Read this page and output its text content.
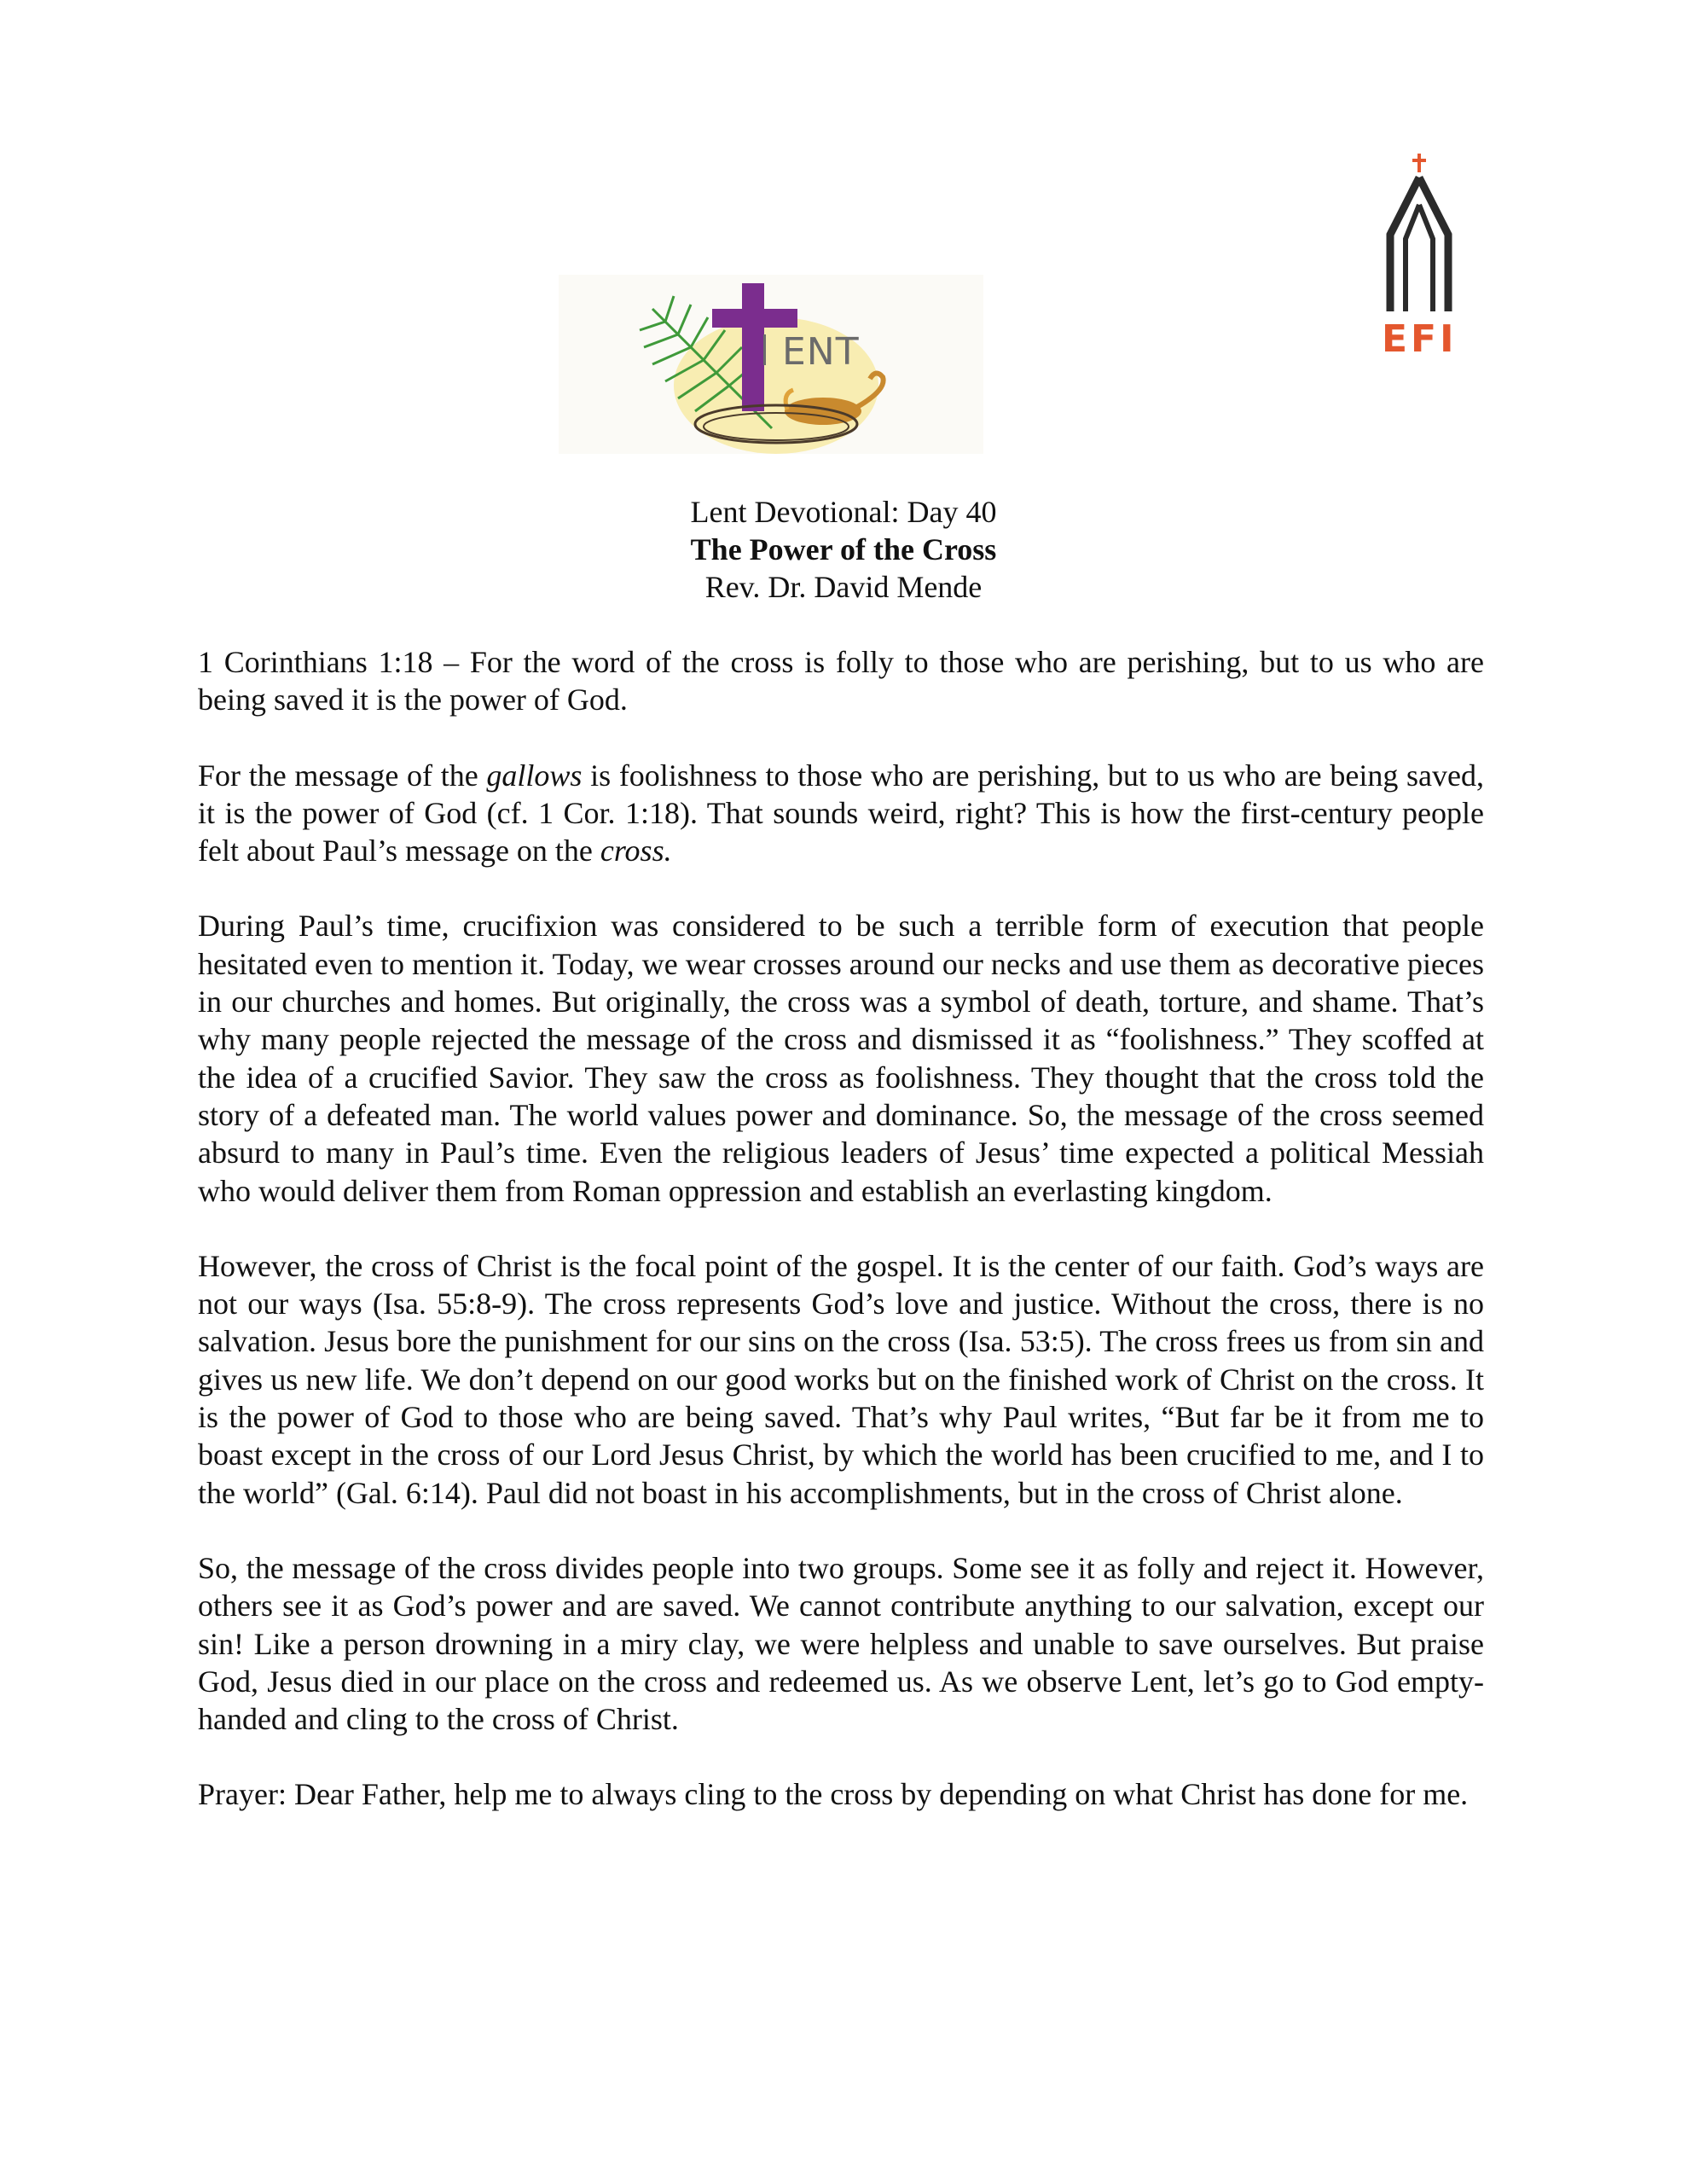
ENT	EFI
Lent Devotional: Day 40
The Power of the Cross
Rev. Dr. David Mende

1 Corinthians 1:18 – For the word of the cross is folly to those who are perishing, but to us who are being saved it is the power of God.

For the message of the gallows is foolishness to those who are perishing, but to us who are being saved, it is the power of God (cf. 1 Cor. 1:18). That sounds weird, right? This is how the first-century people felt about Paul’s message on the cross.

During Paul’s time, crucifixion was considered to be such a terrible form of execution that people hesitated even to mention it. Today, we wear crosses around our necks and use them as decorative pieces in our churches and homes. But originally, the cross was a symbol of death, torture, and shame. That’s why many people rejected the message of the cross and dismissed it as “foolishness.” They scoffed at the idea of a crucified Savior. They saw the cross as foolishness. They thought that the cross told the story of a defeated man. The world values power and dominance. So, the message of the cross seemed absurd to many in Paul’s time. Even the religious leaders of Jesus’ time expected a political Messiah who would deliver them from Roman oppression and establish an everlasting kingdom.

However, the cross of Christ is the focal point of the gospel. It is the center of our faith. God’s ways are not our ways (Isa. 55:8-9). The cross represents God’s love and justice. Without the cross, there is no salvation. Jesus bore the punishment for our sins on the cross (Isa. 53:5). The cross frees us from sin and gives us new life. We don’t depend on our good works but on the finished work of Christ on the cross. It is the power of God to those who are being saved. That’s why Paul writes, “But far be it from me to boast except in the cross of our Lord Jesus Christ, by which the world has been crucified to me, and I to the world” (Gal. 6:14). Paul did not boast in his accomplishments, but in the cross of Christ alone.

So, the message of the cross divides people into two groups. Some see it as folly and reject it. However, others see it as God’s power and are saved. We cannot contribute anything to our salvation, except our sin! Like a person drowning in a miry clay, we were helpless and unable to save ourselves. But praise God, Jesus died in our place on the cross and redeemed us. As we observe Lent, let’s go to God empty-handed and cling to the cross of Christ.

Prayer: Dear Father, help me to always cling to the cross by depending on what Christ has done for me.
